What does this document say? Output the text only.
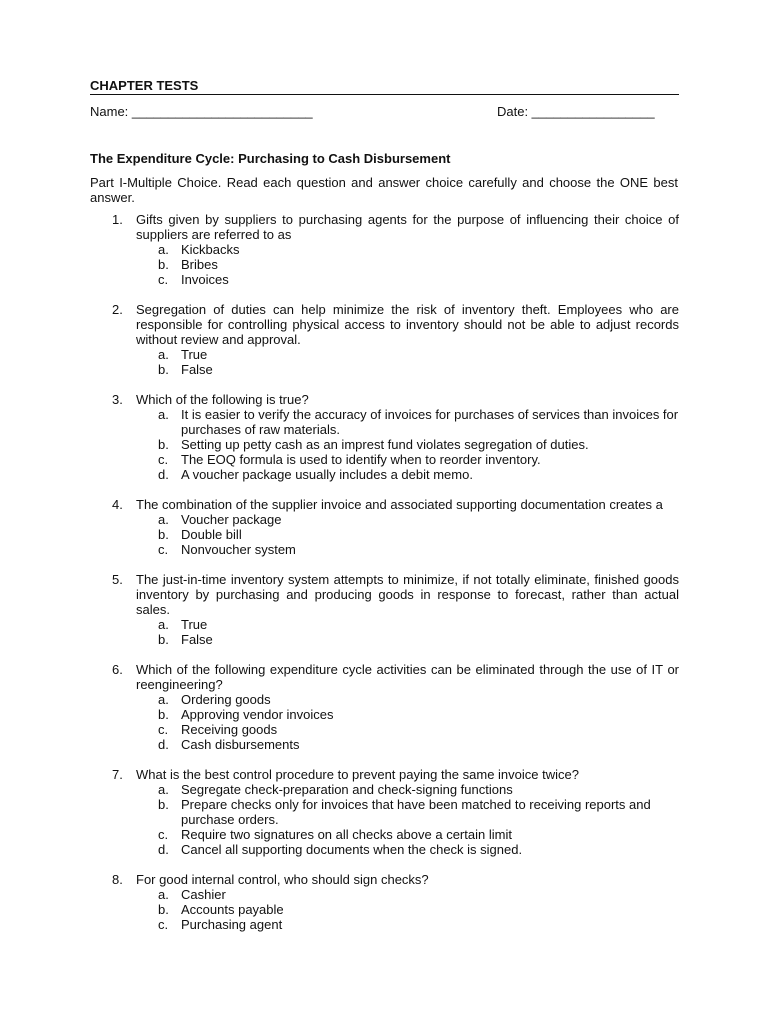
CHAPTER TESTS
Name: _________________________	Date: _________________
The Expenditure Cycle: Purchasing to Cash Disbursement
Part I-Multiple Choice. Read each question and answer choice carefully and choose the ONE best answer.
1. Gifts given by suppliers to purchasing agents for the purpose of influencing their choice of suppliers are referred to as
a. Kickbacks
b. Bribes
c. Invoices
2. Segregation of duties can help minimize the risk of inventory theft. Employees who are responsible for controlling physical access to inventory should not be able to adjust records without review and approval.
a. True
b. False
3. Which of the following is true?
a. It is easier to verify the accuracy of invoices for purchases of services than invoices for purchases of raw materials.
b. Setting up petty cash as an imprest fund violates segregation of duties.
c. The EOQ formula is used to identify when to reorder inventory.
d. A voucher package usually includes a debit memo.
4. The combination of the supplier invoice and associated supporting documentation creates a
a. Voucher package
b. Double bill
c. Nonvoucher system
5. The just-in-time inventory system attempts to minimize, if not totally eliminate, finished goods inventory by purchasing and producing goods in response to forecast, rather than actual sales.
a. True
b. False
6. Which of the following expenditure cycle activities can be eliminated through the use of IT or reengineering?
a. Ordering goods
b. Approving vendor invoices
c. Receiving goods
d. Cash disbursements
7. What is the best control procedure to prevent paying the same invoice twice?
a. Segregate check-preparation and check-signing functions
b. Prepare checks only for invoices that have been matched to receiving reports and purchase orders.
c. Require two signatures on all checks above a certain limit
d. Cancel all supporting documents when the check is signed.
8. For good internal control, who should sign checks?
a. Cashier
b. Accounts payable
c. Purchasing agent
